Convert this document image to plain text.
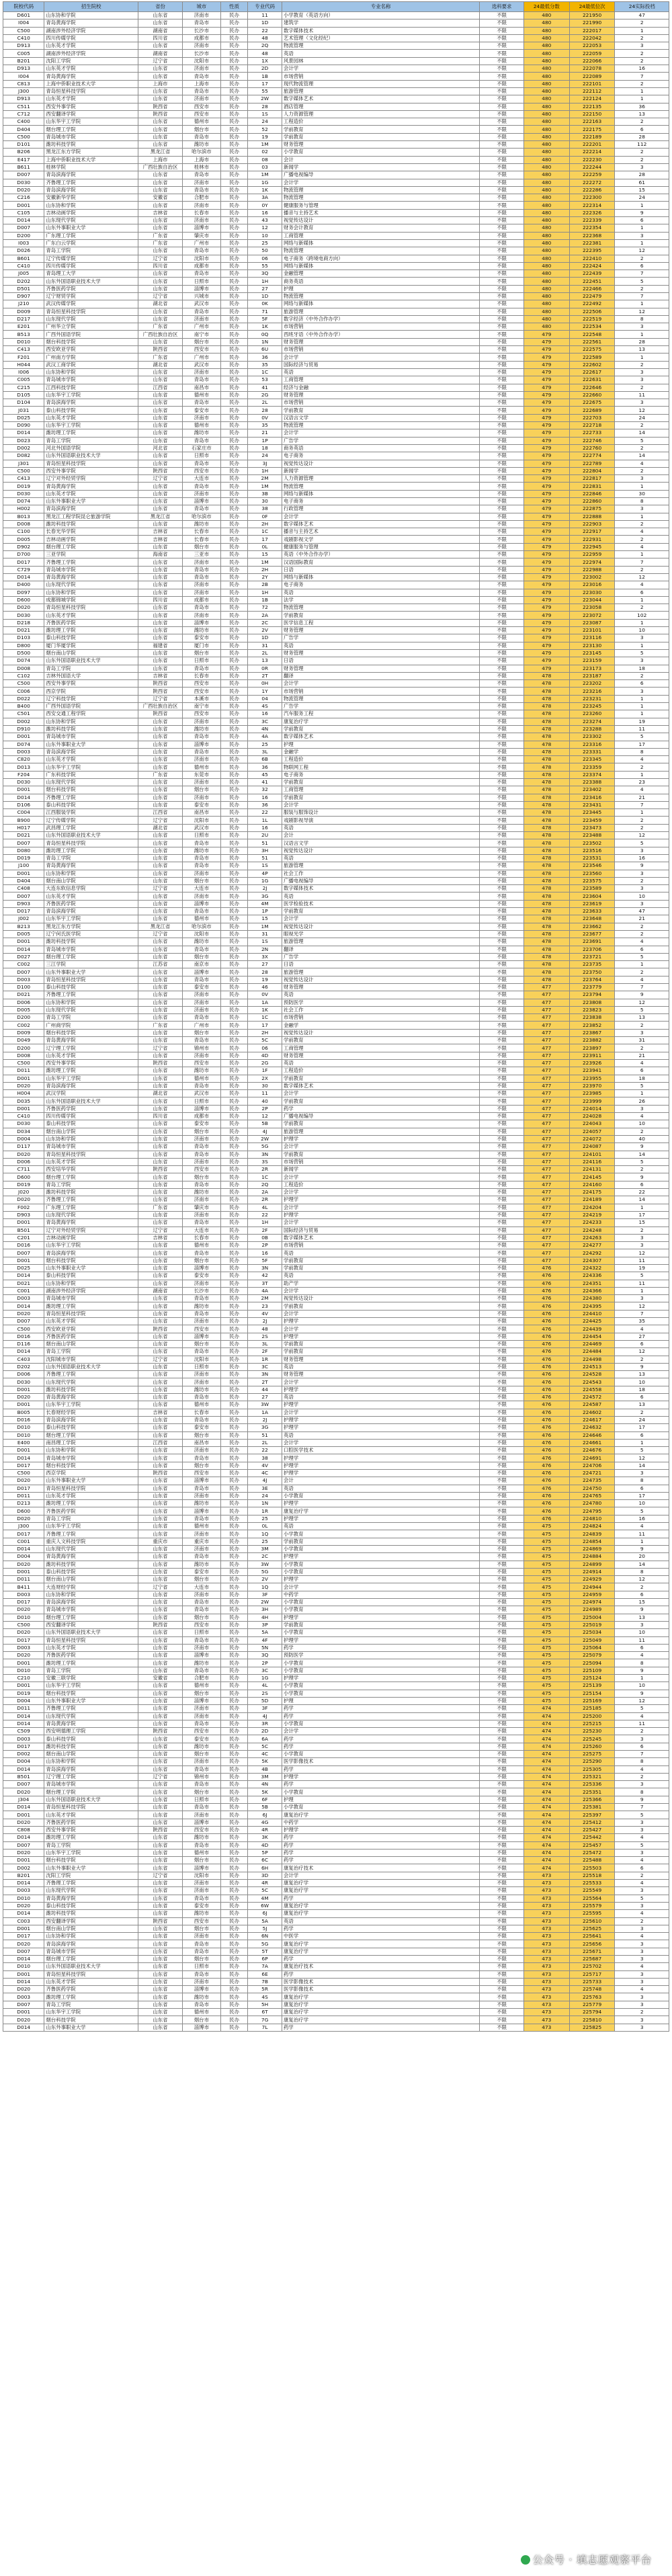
院校代码	招生院校	省份	城市	性质	专业代码	专业名称	选科要求	24最低分数	24最低位次	24实际投档
D601	山东协和学院	山东省	济南市	民办	11	小学教育（英语方向）	不限	480	221950	47
I004	青岛黄海学院	山东省	青岛市	民办	1D	建筑学	不限	480	221990	2
C500	湖南涉外经济学院	湖南省	长沙市	民办	22	数字媒体技术	不限	480	222017	1
C410	四川传媒学院	四川省	成都市	民办	48	艺术管理（文化经纪）	不限	480	222042	2
D913	山东英才学院	山东省	济南市	民办	2Q	物流管理	不限	480	222053	3
C005	湖南涉外经济学院	湖南省	长沙市	民办	48	英语	不限	480	222059	2
B201	沈阳工学院	辽宁省	沈阳市	民办	1X	风景园林	不限	480	222066	2
D913	山东英才学院	山东省	济南市	民办	2D	会计学	不限	480	222078	16
I004	青岛黄海学院	山东省	青岛市	民办	1B	市场营销	不限	480	222089	7
C813	上海中侨职业技术大学	上海市	上海市	民办	17	现代物流管理	不限	480	222101	2
J300	青岛恒星科技学院	山东省	青岛市	民办	55	旅游管理	不限	480	222112	1
D913	山东英才学院	山东省	济南市	民办	2W	数字媒体艺术	不限	480	222124	1
C511	西安外事学院	陕西省	西安市	民办	28	酒店管理	不限	480	222135	36
C712	西安翻译学院	陕西省	西安市	民办	1S	人力资源管理	不限	480	222150	13
C400	山东华宇工学院	山东省	德州市	民办	24	工程造价	不限	480	222163	2
D404	烟台理工学院	山东省	烟台市	民办	52	学前教育	不限	480	222175	6
C500	青岛城市学院	山东省	青岛市	民办	19	学前教育	不限	480	222189	28
D101	潍坊科技学院	山东省	潍坊市	民办	1M	财务管理	不限	480	222201	112
B206	黑龙江东方学院	黑龙江省	哈尔滨市	民办	02	小学教育	不限	480	222214	2
E417	上海中侨职业技术大学	上海市	上海市	民办	08	会计	不限	480	222230	2
B611	桂林学院	广西壮族自治区	桂林市	民办	03	新闻学	不限	480	222244	3
D007	青岛滨海学院	山东省	青岛市	民办	1M	广播电视编导	不限	480	222259	28
D030	齐鲁理工学院	山东省	济南市	民办	1G	会计学	不限	480	222272	61
D020	青岛滨海学院	山东省	青岛市	民办	1K	物流管理	不限	480	222286	15
C216	安徽新华学院	安徽省	合肥市	民办	3A	物流管理	不限	480	222300	24
D001	山东协和学院	山东省	济南市	民办	0Y	健康服务与管理	不限	480	222314	1
C105	吉林动画学院	吉林省	长春市	民办	16	播音与主持艺术	不限	480	222326	9
D014	山东现代学院	山东省	济南市	民办	43	视觉传达设计	不限	480	222339	6
D007	山东外事职业大学	山东省	淄博市	民办	12	财务会计教育	不限	480	222354	1
D200	广东理工学院	广东省	肇庆市	民办	10	工商管理	不限	480	222368	3
I003	广东白云学院	广东省	广州市	民办	25	网络与新媒体	不限	480	222381	1
D026	青岛工学院	山东省	青岛市	民办	50	物流管理	不限	480	222395	12
B601	辽宁传媒学院	辽宁省	沈阳市	民办	06	电子商务（跨境电商方向）	不限	480	222410	2
C410	四川传媒学院	四川省	成都市	民办	55	网络与新媒体	不限	480	222424	6
J005	青岛理工大学	山东省	青岛市	民办	3Q	金融管理	不限	480	222439	7
D202	山东外国语职业技术大学	山东省	日照市	民办	1H	商务英语	不限	480	222451	5
D501	齐鲁医药学院	山东省	淄博市	民办	27	护理	不限	480	222466	2
D907	辽宁财贸学院	辽宁省	兴城市	民办	1D	物流管理	不限	480	222479	7
J210	武汉传媒学院	湖北省	武汉市	民办	0K	网络与新媒体	不限	480	222492	1
D009	青岛恒星科技学院	山东省	青岛市	民办	71	旅游管理	不限	480	222506	12
D217	山东现代学院	山东省	济南市	民办	5F	数字经济（中外合作办学）	不限	480	222519	8
E201	广州华立学院	广东省	广州市	民办	1K	市场营销	不限	480	222534	3
B513	广西外国语学院	广西壮族自治区	南宁市	民办	0Q	西班牙语（中外合作办学）	不限	479	222548	1
D010	烟台科技学院	山东省	烟台市	民办	1N	财务管理	不限	479	222561	28
C413	西安欧亚学院	陕西省	西安市	民办	6U	市场营销	不限	479	222575	13
F201	广州南方学院	广东省	广州市	民办	36	会计学	不限	479	222589	1
H044	武汉工商学院	湖北省	武汉市	民办	35	国际经济与贸易	不限	479	222602	2
I006	山东协和学院	山东省	济南市	民办	1C	英语	不限	479	222617	3
C005	青岛城市学院	山东省	青岛市	民办	53	工商管理	不限	479	222631	3
C215	江西科技学院	江西省	南昌市	民办	41	经济与金融	不限	479	222646	2
D105	山东华宇工学院	山东省	德州市	民办	2G	财务管理	不限	479	222660	11
D104	青岛滨海学院	山东省	青岛市	民办	2L	市场营销	不限	479	222675	3
J031	泰山科技学院	山东省	泰安市	民办	28	学前教育	不限	479	222689	12
D025	山东英才学院	山东省	济南市	民办	0V	汉语言文学	不限	479	222703	24
D090	山东华宇工学院	山东省	德州市	民办	35	物流管理	不限	479	222718	2
D014	潍坊理工学院	山东省	潍坊市	民办	21	会计学	不限	479	222733	14
D023	青岛工学院	山东省	青岛市	民办	1P	广告学	不限	479	222746	5
D002	河北外国语学院	河北省	石家庄市	民办	18	商务英语	不限	479	222760	2
D082	山东外国语职业技术大学	山东省	日照市	民办	24	电子商务	不限	479	222774	14
J301	青岛恒星科技学院	山东省	青岛市	民办	3J	视觉传达设计	不限	479	222789	4
C500	西安外事学院	陕西省	西安市	民办	1H	新闻学	不限	479	222804	2
C413	辽宁对外经贸学院	辽宁省	大连市	民办	2M	人力资源管理	不限	479	222817	3
D019	青岛黄海学院	山东省	青岛市	民办	1M	物流管理	不限	479	222831	1
D030	山东英才学院	山东省	济南市	民办	3B	网络与新媒体	不限	479	222846	30
D074	山东外事职业大学	山东省	淄博市	民办	30	电子商务	不限	479	222860	8
H002	青岛滨海学院	山东省	青岛市	民办	38	行政管理	不限	479	222875	3
B013	黑龙江工程学院昆仑旅游学院	黑龙江省	哈尔滨市	民办	0F	会计学	不限	479	222888	1
D008	潍坊科技学院	山东省	潍坊市	民办	2H	数字媒体艺术	不限	479	222903	2
C100	长春光华学院	吉林省	长春市	民办	1C	播音与主持艺术	不限	479	222917	4
D005	吉林动画学院	吉林省	长春市	民办	17	戏剧影视文学	不限	479	222931	2
D902	烟台理工学院	山东省	烟台市	民办	0L	健康服务与管理	不限	479	222945	4
D700	三亚学院	海南省	三亚市	民办	15	英语（中外合作办学）	不限	479	222959	1
D017	齐鲁理工学院	山东省	济南市	民办	1M	汉语国际教育	不限	479	222974	7
C729	青岛城市学院	山东省	青岛市	民办	2H	日语	不限	479	222988	2
D014	青岛黄海学院	山东省	青岛市	民办	2Y	网络与新媒体	不限	479	223002	12
D400	山东现代学院	山东省	济南市	民办	2B	电子商务	不限	479	223016	4
D097	山东协和学院	山东省	济南市	民办	1H	英语	不限	479	223030	6
D600	成都锦城学院	四川省	成都市	民办	1B	法学	不限	479	223044	1
D020	青岛恒星科技学院	山东省	青岛市	民办	72	物流管理	不限	479	223058	2
D030	山东英才学院	山东省	济南市	民办	2A	学前教育	不限	479	223072	102
D218	齐鲁医药学院	山东省	淄博市	民办	2C	医学信息工程	不限	479	223087	1
D021	潍坊理工学院	山东省	潍坊市	民办	2V	财务管理	不限	479	223101	10
D103	泰山科技学院	山东省	泰安市	民办	1D	广告学	不限	479	223116	3
D800	厦门华厦学院	福建省	厦门市	民办	31	英语	不限	479	223130	1
D500	烟台南山学院	山东省	烟台市	民办	2L	财务管理	不限	479	223145	5
D074	山东外国语职业技术大学	山东省	日照市	民办	13	日语	不限	479	223159	3
D008	青岛工学院	山东省	青岛市	民办	0R	财务管理	不限	479	223173	18
C102	吉林外国语大学	吉林省	长春市	民办	2T	翻译	不限	478	223187	2
C500	西安外事学院	陕西省	西安市	民办	0H	会计学	不限	478	223202	6
C006	西京学院	陕西省	西安市	民办	1Y	市场营销	不限	478	223216	3
D022	辽宁科技学院	辽宁省	本溪市	民办	04	物流管理	不限	478	223231	1
B400	广西外国语学院	广西壮族自治区	南宁市	民办	4S	广告学	不限	478	223245	1
C501	西安交通工程学院	陕西省	西安市	民办	16	汽车服务工程	不限	478	223260	1
D002	山东协和学院	山东省	济南市	民办	3C	康复治疗学	不限	478	223274	19
D910	潍坊科技学院	山东省	潍坊市	民办	4N	学前教育	不限	478	223288	11
D001	青岛城市学院	山东省	青岛市	民办	4A	数字媒体艺术	不限	478	223302	5
D074	山东外事职业大学	山东省	淄博市	民办	25	护理	不限	478	223316	17
D003	青岛滨海学院	山东省	青岛市	民办	3L	金融学	不限	478	223331	8
C820	山东英才学院	山东省	济南市	民办	6B	工程造价	不限	478	223345	4
D013	山东华宇工学院	山东省	德州市	民办	36	物联网工程	不限	478	223359	2
F204	广东科技学院	广东省	东莞市	民办	45	电子商务	不限	478	223374	1
D030	山东现代学院	山东省	济南市	民办	41	学前教育	不限	478	223388	23
D001	烟台科技学院	山东省	烟台市	民办	32	工商管理	不限	478	223402	4
D014	齐鲁理工学院	山东省	济南市	民办	16	学前教育	不限	478	223416	21
D106	泰山科技学院	山东省	泰安市	民办	36	会计学	不限	478	223431	7
C004	江西服装学院	江西省	南昌市	民办	22	服装与服饰设计	不限	478	223445	1
B900	辽宁传媒学院	辽宁省	沈阳市	民办	1L	戏剧影视导演	不限	478	223459	2
H017	武昌理工学院	湖北省	武汉市	民办	16	英语	不限	478	223473	2
D021	山东外国语职业技术大学	山东省	日照市	民办	2U	会计	不限	478	223488	12
D007	青岛恒星科技学院	山东省	青岛市	民办	51	汉语言文学	不限	478	223502	5
D080	潍坊理工学院	山东省	潍坊市	民办	3H	视觉传达设计	不限	478	223516	3
D019	青岛工学院	山东省	青岛市	民办	51	英语	不限	478	223531	16
J100	青岛黄海学院	山东省	青岛市	民办	1S	旅游管理	不限	478	223546	9
D001	山东协和学院	山东省	济南市	民办	4P	社会工作	不限	478	223560	3
D404	烟台南山学院	山东省	烟台市	民办	1G	广播电视编导	不限	478	223575	2
C408	大连东软信息学院	辽宁省	大连市	民办	2J	数字媒体技术	不限	478	223589	3
D007	山东英才学院	山东省	济南市	民办	3G	英语	不限	478	223604	10
D903	齐鲁医药学院	山东省	淄博市	民办	4M	医学检验技术	不限	478	223619	3
D017	青岛滨海学院	山东省	青岛市	民办	1P	学前教育	不限	478	223633	47
J002	山东华宇工学院	山东省	德州市	民办	15	会计学	不限	478	223648	21
B213	黑龙江东方学院	黑龙江省	哈尔滨市	民办	1M	视觉传达设计	不限	478	223662	2
D005	辽宁何氏医学院	辽宁省	沈阳市	民办	31	眼视光学	不限	478	223677	2
D001	潍坊科技学院	山东省	潍坊市	民办	1S	旅游管理	不限	478	223691	4
D014	青岛城市学院	山东省	青岛市	民办	2N	翻译	不限	478	223706	6
D027	烟台理工学院	山东省	烟台市	民办	3X	广告学	不限	478	223721	5
C002	三江学院	江苏省	南京市	民办	27	日语	不限	478	223735	1
D007	山东外事职业大学	山东省	淄博市	民办	28	旅游管理	不限	478	223750	2
D003	青岛恒星科技学院	山东省	青岛市	民办	19	视觉传达设计	不限	478	223764	4
D100	泰山科技学院	山东省	泰安市	民办	46	财务管理	不限	477	223779	7
D021	齐鲁理工学院	山东省	济南市	民办	0V	英语	不限	477	223794	9
D006	山东协和学院	山东省	济南市	民办	1A	预防医学	不限	477	223808	12
D005	山东现代学院	山东省	济南市	民办	1K	社会工作	不限	477	223823	5
D200	青岛工学院	山东省	青岛市	民办	1C	市场营销	不限	477	223838	13
C002	广州商学院	广东省	广州市	民办	17	金融学	不限	477	223852	2
D009	烟台科技学院	山东省	烟台市	民办	2H	视觉传达设计	不限	477	223867	3
D049	青岛黄海学院	山东省	青岛市	民办	5C	学前教育	不限	477	223882	31
D200	辽宁理工学院	辽宁省	锦州市	民办	06	工商管理	不限	477	223897	2
D008	山东英才学院	山东省	济南市	民办	4D	财务管理	不限	477	223911	21
C500	西安外事学院	陕西省	西安市	民办	2G	英语	不限	477	223926	4
D011	潍坊理工学院	山东省	潍坊市	民办	1F	工程造价	不限	477	223941	6
D001	山东华宇工学院	山东省	德州市	民办	2X	学前教育	不限	477	223955	18
D020	青岛滨海学院	山东省	青岛市	民办	30	数字媒体艺术	不限	477	223970	5
H004	武汉学院	湖北省	武汉市	民办	11	会计学	不限	477	223985	1
D035	山东外国语职业技术大学	山东省	日照市	民办	40	学前教育	不限	477	223999	26
D001	齐鲁医药学院	山东省	淄博市	民办	2P	药学	不限	477	224014	3
C410	四川传媒学院	四川省	成都市	民办	12	广播电视编导	不限	477	224028	4
D030	泰山科技学院	山东省	泰安市	民办	5B	学前教育	不限	477	224043	10
D034	烟台南山学院	山东省	烟台市	民办	4J	旅游管理	不限	477	224057	2
D004	山东协和学院	山东省	济南市	民办	2W	护理学	不限	477	224072	40
D117	青岛城市学院	山东省	青岛市	民办	5G	会计学	不限	477	224087	9
D020	青岛恒星科技学院	山东省	青岛市	民办	3N	学前教育	不限	477	224101	14
D006	山东英才学院	山东省	济南市	民办	3S	市场营销	不限	477	224116	5
C711	西安培华学院	陕西省	西安市	民办	2R	新闻学	不限	477	224131	2
D600	烟台理工学院	山东省	烟台市	民办	1C	会计学	不限	477	224145	9
D019	青岛工学院	山东省	青岛市	民办	2Q	工程造价	不限	477	224160	6
J020	潍坊科技学院	山东省	潍坊市	民办	2A	会计学	不限	477	224175	22
D020	齐鲁理工学院	山东省	济南市	民办	2R	护理学	不限	477	224189	14
F002	广东理工学院	广东省	肇庆市	民办	4L	会计学	不限	477	224204	1
D903	山东现代学院	山东省	济南市	民办	22	护理学	不限	477	224219	17
D001	青岛黄海学院	山东省	青岛市	民办	1H	会计学	不限	477	224233	15
B501	辽宁对外经贸学院	辽宁省	大连市	民办	2F	国际经济与贸易	不限	477	224248	2
C201	吉林动画学院	吉林省	长春市	民办	0B	数字媒体艺术	不限	477	224263	3
D016	山东华宇工学院	山东省	德州市	民办	2P	市场营销	不限	477	224277	3
D007	青岛滨海学院	山东省	青岛市	民办	16	英语	不限	477	224292	12
D001	烟台科技学院	山东省	烟台市	民办	5F	学前教育	不限	477	224307	11
D025	山东外事职业大学	山东省	淄博市	民办	3N	学前教育	不限	476	224322	19
D014	泰山科技学院	山东省	泰安市	民办	42	英语	不限	476	224336	5
D021	山东协和学院	山东省	济南市	民办	3T	助产学	不限	476	224351	11
C001	湖南涉外经济学院	湖南省	长沙市	民办	4A	会计学	不限	476	224366	1
D003	青岛城市学院	山东省	青岛市	民办	2M	视觉传达设计	不限	476	224380	3
D014	潍坊理工学院	山东省	潍坊市	民办	23	学前教育	不限	476	224395	12
D020	青岛恒星科技学院	山东省	青岛市	民办	4V	会计学	不限	476	224410	7
D007	山东英才学院	山东省	济南市	民办	2J	护理学	不限	476	224425	35
C500	西安欧亚学院	陕西省	西安市	民办	48	会计学	不限	476	224439	4
D016	齐鲁医药学院	山东省	淄博市	民办	2S	护理学	不限	476	224454	27
D116	烟台南山学院	山东省	烟台市	民办	3L	学前教育	不限	476	224469	6
D014	青岛工学院	山东省	青岛市	民办	2F	学前教育	不限	476	224484	12
C403	沈阳城市学院	辽宁省	沈阳市	民办	1R	财务管理	不限	476	224498	2
D202	山东外国语职业技术大学	山东省	日照市	民办	3C	英语	不限	476	224513	9
D006	齐鲁理工学院	山东省	济南市	民办	3N	财务管理	不限	476	224528	13
D030	山东现代学院	山东省	济南市	民办	2T	会计学	不限	476	224543	10
D001	潍坊科技学院	山东省	潍坊市	民办	44	护理学	不限	476	224558	18
D020	青岛黄海学院	山东省	青岛市	民办	27	英语	不限	476	224572	6
D001	山东华宇工学院	山东省	德州市	民办	3W	护理学	不限	476	224587	13
B005	长春财经学院	吉林省	长春市	民办	1A	会计学	不限	476	224602	2
D016	青岛滨海学院	山东省	青岛市	民办	2J	护理学	不限	476	224617	24
D010	泰山科技学院	山东省	泰安市	民办	3G	护理学	不限	476	224632	17
D010	烟台理工学院	山东省	烟台市	民办	51	英语	不限	476	224646	6
E400	南昌理工学院	江西省	南昌市	民办	2L	会计学	不限	476	224661	1
D001	山东协和学院	山东省	济南市	民办	22	口腔医学技术	不限	476	224676	5
D014	青岛城市学院	山东省	青岛市	民办	38	护理学	不限	476	224691	12
D017	烟台科技学院	山东省	烟台市	民办	4V	护理学	不限	476	224706	14
C500	西京学院	陕西省	西安市	民办	4C	护理学	不限	476	224721	3
D020	山东外事职业大学	山东省	淄博市	民办	4J	会计	不限	476	224735	8
D017	青岛恒星科技学院	山东省	青岛市	民办	3E	英语	不限	476	224750	6
D011	山东英才学院	山东省	济南市	民办	24	小学教育	不限	476	224765	17
D213	潍坊理工学院	山东省	潍坊市	民办	1N	护理学	不限	476	224780	10
D600	齐鲁医药学院	山东省	淄博市	民办	1R	康复治疗学	不限	476	224795	5
D020	青岛工学院	山东省	青岛市	民办	25	护理学	不限	476	224810	16
J300	山东华宇工学院	山东省	德州市	民办	0L	英语	不限	475	224824	4
D017	齐鲁理工学院	山东省	济南市	民办	1Q	小学教育	不限	475	224839	11
C001	重庆人文科技学院	重庆市	重庆市	民办	25	学前教育	不限	475	224854	1
D014	山东现代学院	山东省	济南市	民办	3M	小学教育	不限	475	224869	9
D004	青岛黄海学院	山东省	青岛市	民办	2C	护理学	不限	475	224884	20
D020	潍坊科技学院	山东省	潍坊市	民办	3W	小学教育	不限	475	224899	14
D001	泰山科技学院	山东省	泰安市	民办	5G	小学教育	不限	475	224914	8
D011	烟台南山学院	山东省	烟台市	民办	2V	护理学	不限	475	224929	12
B411	大连财经学院	辽宁省	大连市	民办	1Q	会计学	不限	475	224944	2
D003	山东协和学院	山东省	济南市	民办	3F	中药学	不限	475	224959	6
D017	青岛滨海学院	山东省	青岛市	民办	2W	小学教育	不限	475	224974	15
D020	青岛城市学院	山东省	青岛市	民办	3H	小学教育	不限	475	224989	9
D010	烟台理工学院	山东省	烟台市	民办	4H	护理学	不限	475	225004	13
C500	西安翻译学院	陕西省	西安市	民办	3P	学前教育	不限	475	225019	3
D020	山东外国语职业技术大学	山东省	日照市	民办	5A	小学教育	不限	475	225034	10
D017	青岛恒星科技学院	山东省	青岛市	民办	4F	护理学	不限	475	225049	11
D003	山东英才学院	山东省	济南市	民办	5N	药学	不限	475	225064	6
D020	齐鲁医药学院	山东省	淄博市	民办	3Q	预防医学	不限	475	225079	4
D001	潍坊理工学院	山东省	潍坊市	民办	2P	小学教育	不限	475	225094	8
D010	青岛工学院	山东省	青岛市	民办	3C	小学教育	不限	475	225109	9
C210	安徽三联学院	安徽省	合肥市	民办	1G	护理学	不限	475	225124	1
D001	山东华宇工学院	山东省	德州市	民办	4L	小学教育	不限	475	225139	10
D019	烟台科技学院	山东省	烟台市	民办	2S	小学教育	不限	475	225154	9
D004	山东外事职业大学	山东省	淄博市	民办	5D	护理	不限	475	225169	12
D011	齐鲁理工学院	山东省	济南市	民办	3F	药学	不限	474	225185	5
D014	山东现代学院	山东省	济南市	民办	4J	药学	不限	474	225200	4
D014	青岛黄海学院	山东省	青岛市	民办	3R	小学教育	不限	474	225215	11
C509	西安明德理工学院	陕西省	西安市	民办	2D	会计学	不限	474	225230	2
D003	泰山科技学院	山东省	泰安市	民办	6A	药学	不限	474	225245	3
D017	潍坊科技学院	山东省	潍坊市	民办	5C	药学	不限	474	225260	6
D002	烟台南山学院	山东省	烟台市	民办	4C	小学教育	不限	474	225275	7
D004	山东协和学院	山东省	济南市	民办	5K	医学影像技术	不限	474	225290	8
D014	青岛滨海学院	山东省	青岛市	民办	4B	药学	不限	474	225305	4
B501	辽宁理工学院	辽宁省	锦州市	民办	3M	护理学	不限	474	225321	2
D007	青岛城市学院	山东省	青岛市	民办	4N	药学	不限	474	225336	3
D020	烟台理工学院	山东省	烟台市	民办	5K	小学教育	不限	474	225351	8
J304	山东外国语职业技术大学	山东省	日照市	民办	6F	护理	不限	474	225366	9
D014	青岛恒星科技学院	山东省	青岛市	民办	5B	小学教育	不限	474	225381	7
D001	山东英才学院	山东省	济南市	民办	6J	康复治疗学	不限	474	225397	5
D020	齐鲁医药学院	山东省	淄博市	民办	4G	中药学	不限	474	225412	3
C808	西安外事学院	陕西省	西安市	民办	4R	护理学	不限	474	225427	3
D014	潍坊理工学院	山东省	潍坊市	民办	3K	药学	不限	474	225442	4
D007	青岛工学院	山东省	青岛市	民办	4D	药学	不限	474	225457	5
D020	山东华宇工学院	山东省	德州市	民办	5P	药学	不限	474	225472	3
D001	烟台科技学院	山东省	烟台市	民办	6C	药学	不限	474	225488	4
D002	山东外事职业大学	山东省	淄博市	民办	6H	康复治疗技术	不限	474	225503	6
B201	沈阳工学院	辽宁省	沈阳市	民办	3D	会计学	不限	473	225518	2
D014	齐鲁理工学院	山东省	济南市	民办	4R	康复治疗学	不限	473	225533	4
D003	山东现代学院	山东省	济南市	民办	5C	康复治疗学	不限	473	225549	3
D010	青岛黄海学院	山东省	青岛市	民办	4M	药学	不限	473	225564	5
D020	泰山科技学院	山东省	泰安市	民办	6W	康复治疗学	不限	473	225579	3
D014	潍坊科技学院	山东省	潍坊市	民办	6J	康复治疗学	不限	473	225595	4
C003	西安翻译学院	陕西省	西安市	民办	5A	英语	不限	473	225610	2
D001	烟台南山学院	山东省	烟台市	民办	5J	药学	不限	473	225625	3
D017	山东协和学院	山东省	济南市	民办	6N	中医学	不限	473	225641	4
D020	青岛滨海学院	山东省	青岛市	民办	5G	康复治疗学	不限	473	225656	3
D007	青岛城市学院	山东省	青岛市	民办	5T	康复治疗学	不限	473	225671	3
D014	烟台理工学院	山东省	烟台市	民办	6P	药学	不限	473	225687	3
D010	山东外国语职业技术大学	山东省	日照市	民办	7A	康复治疗技术	不限	473	225702	4
D001	青岛恒星科技学院	山东省	青岛市	民办	6E	药学	不限	473	225717	3
D014	山东英才学院	山东省	济南市	民办	7B	医学影像技术	不限	473	225733	3
D020	齐鲁医药学院	山东省	淄博市	民办	5R	医学影像技术	不限	473	225748	4
D003	潍坊理工学院	山东省	潍坊市	民办	4S	康复治疗学	不限	473	225763	3
D007	青岛工学院	山东省	青岛市	民办	5H	康复治疗学	不限	473	225779	3
D001	山东华宇工学院	山东省	德州市	民办	6T	康复治疗学	不限	473	225794	2
D020	烟台科技学院	山东省	烟台市	民办	7G	康复治疗学	不限	473	225810	3
D014	山东外事职业大学	山东省	淄博市	民办	7L	药学	不限	473	225825	3
公众号 · 填志愿观察平台
